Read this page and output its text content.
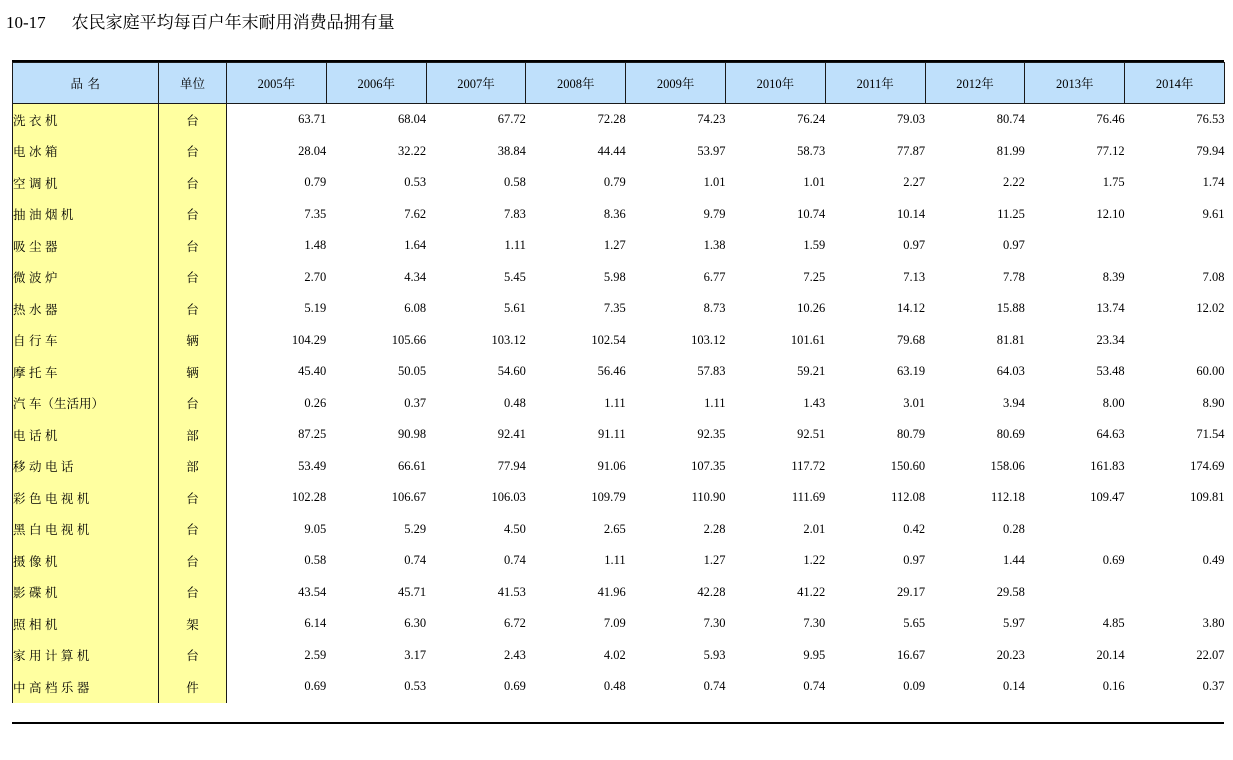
10-17 农民家庭平均每百户年末耐用消费品拥有量
品 名	单位	2005年	2006年	2007年	2008年	2009年	2010年	2011年	2012年	2013年	2014年
洗 衣 机	台	63.71	68.04	67.72	72.28	74.23	76.24	79.03	80.74	76.46	76.53
电 冰 箱	台	28.04	32.22	38.84	44.44	53.97	58.73	77.87	81.99	77.12	79.94
空 调 机	台	0.79	0.53	0.58	0.79	1.01	1.01	2.27	2.22	1.75	1.74
抽 油 烟 机	台	7.35	7.62	7.83	8.36	9.79	10.74	10.14	11.25	12.10	9.61
吸 尘 器	台	1.48	1.64	1.11	1.27	1.38	1.59	0.97	0.97		
微 波 炉	台	2.70	4.34	5.45	5.98	6.77	7.25	7.13	7.78	8.39	7.08
热 水 器	台	5.19	6.08	5.61	7.35	8.73	10.26	14.12	15.88	13.74	12.02
自 行 车	辆	104.29	105.66	103.12	102.54	103.12	101.61	79.68	81.81	23.34	
摩 托 车	辆	45.40	50.05	54.60	56.46	57.83	59.21	63.19	64.03	53.48	60.00
汽 车（生活用）	台	0.26	0.37	0.48	1.11	1.11	1.43	3.01	3.94	8.00	8.90
电 话 机	部	87.25	90.98	92.41	91.11	92.35	92.51	80.79	80.69	64.63	71.54
移 动 电 话	部	53.49	66.61	77.94	91.06	107.35	117.72	150.60	158.06	161.83	174.69
彩 色 电 视 机	台	102.28	106.67	106.03	109.79	110.90	111.69	112.08	112.18	109.47	109.81
黑 白 电 视 机	台	9.05	5.29	4.50	2.65	2.28	2.01	0.42	0.28		
摄 像 机	台	0.58	0.74	0.74	1.11	1.27	1.22	0.97	1.44	0.69	0.49
影 碟 机	台	43.54	45.71	41.53	41.96	42.28	41.22	29.17	29.58		
照 相 机	架	6.14	6.30	6.72	7.09	7.30	7.30	5.65	5.97	4.85	3.80
家 用 计 算 机	台	2.59	3.17	2.43	4.02	5.93	9.95	16.67	20.23	20.14	22.07
中 高 档 乐 器	件	0.69	0.53	0.69	0.48	0.74	0.74	0.09	0.14	0.16	0.37
